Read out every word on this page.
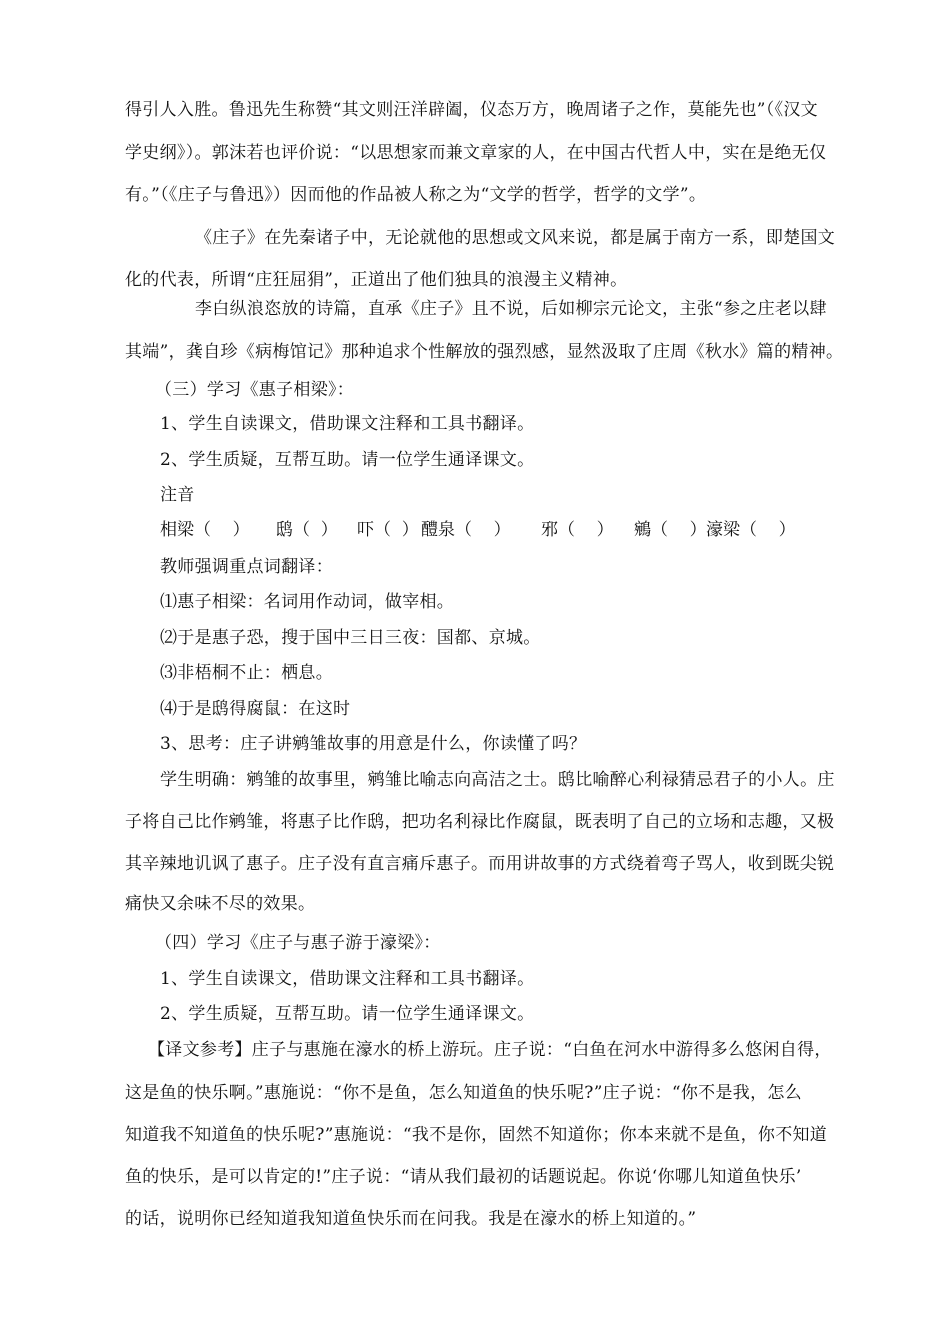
得引人入胜。鲁迅先生称赞“其文则汪洋辟阖，仪态万方，晚周诸子之作，莫能先也”（《汉文
学史纲》）。郭沫若也评价说：“以思想家而兼文章家的人，在中国古代哲人中，实在是绝无仅
有。”（《庄子与鲁迅》）因而他的作品被人称之为“文学的哲学，哲学的文学”。
《庄子》在先秦诸子中，无论就他的思想或文风来说，都是属于南方一系，即楚国文
化的代表，所谓“庄狂屈狷”，正道出了他们独具的浪漫主义精神。
李白纵浪恣放的诗篇，直承《庄子》且不说，后如柳宗元论文，主张“参之庄老以肆
其端”，龚自珍《病梅馆记》那种追求个性解放的强烈感，显然汲取了庄周《秋水》篇的精神。
（三）学习《惠子相梁》：
1、学生自读课文，借助课文注释和工具书翻译。
2、学生质疑，互帮互助。请一位学生通译课文。
注音
相梁（    ） 鸱（  ） 吓（  ） 醴泉（    ） 邪（    ） 鵷（    ） 濠梁（    ）
教师强调重点词翻译：
⑴惠子相梁：名词用作动词，做宰相。
⑵于是惠子恐，搜于国中三日三夜：国都、京城。
⑶非梧桐不止：栖息。
⑷于是鸱得腐鼠：在这时
3、思考：庄子讲鹓雏故事的用意是什么，你读懂了吗？
学生明确：鹓雏的故事里，鹓雏比喻志向高洁之士。鸱比喻醉心利禄猜忌君子的小人。庄
子将自己比作鹓雏，将惠子比作鸱，把功名利禄比作腐鼠，既表明了自己的立场和志趣，又极
其辛辣地讥讽了惠子。庄子没有直言痛斥惠子。而用讲故事的方式绕着弯子骂人，收到既尖锐
痛快又余味不尽的效果。
（四）学习《庄子与惠子游于濠梁》：
1、学生自读课文，借助课文注释和工具书翻译。
2、学生质疑，互帮互助。请一位学生通译课文。
【译文参考】庄子与惠施在濠水的桥上游玩。庄子说：“白鱼在河水中游得多么悠闲自得，
这是鱼的快乐啊。”惠施说：“你不是鱼，怎么知道鱼的快乐呢?”庄子说：“你不是我，怎么
知道我不知道鱼的快乐呢?”惠施说：“我不是你，固然不知道你；你本来就不是鱼，你不知道
鱼的快乐，是可以肯定的!”庄子说：“请从我们最初的话题说起。你说‘你哪儿知道鱼快乐’
的话，说明你已经知道我知道鱼快乐而在问我。我是在濠水的桥上知道的。”
